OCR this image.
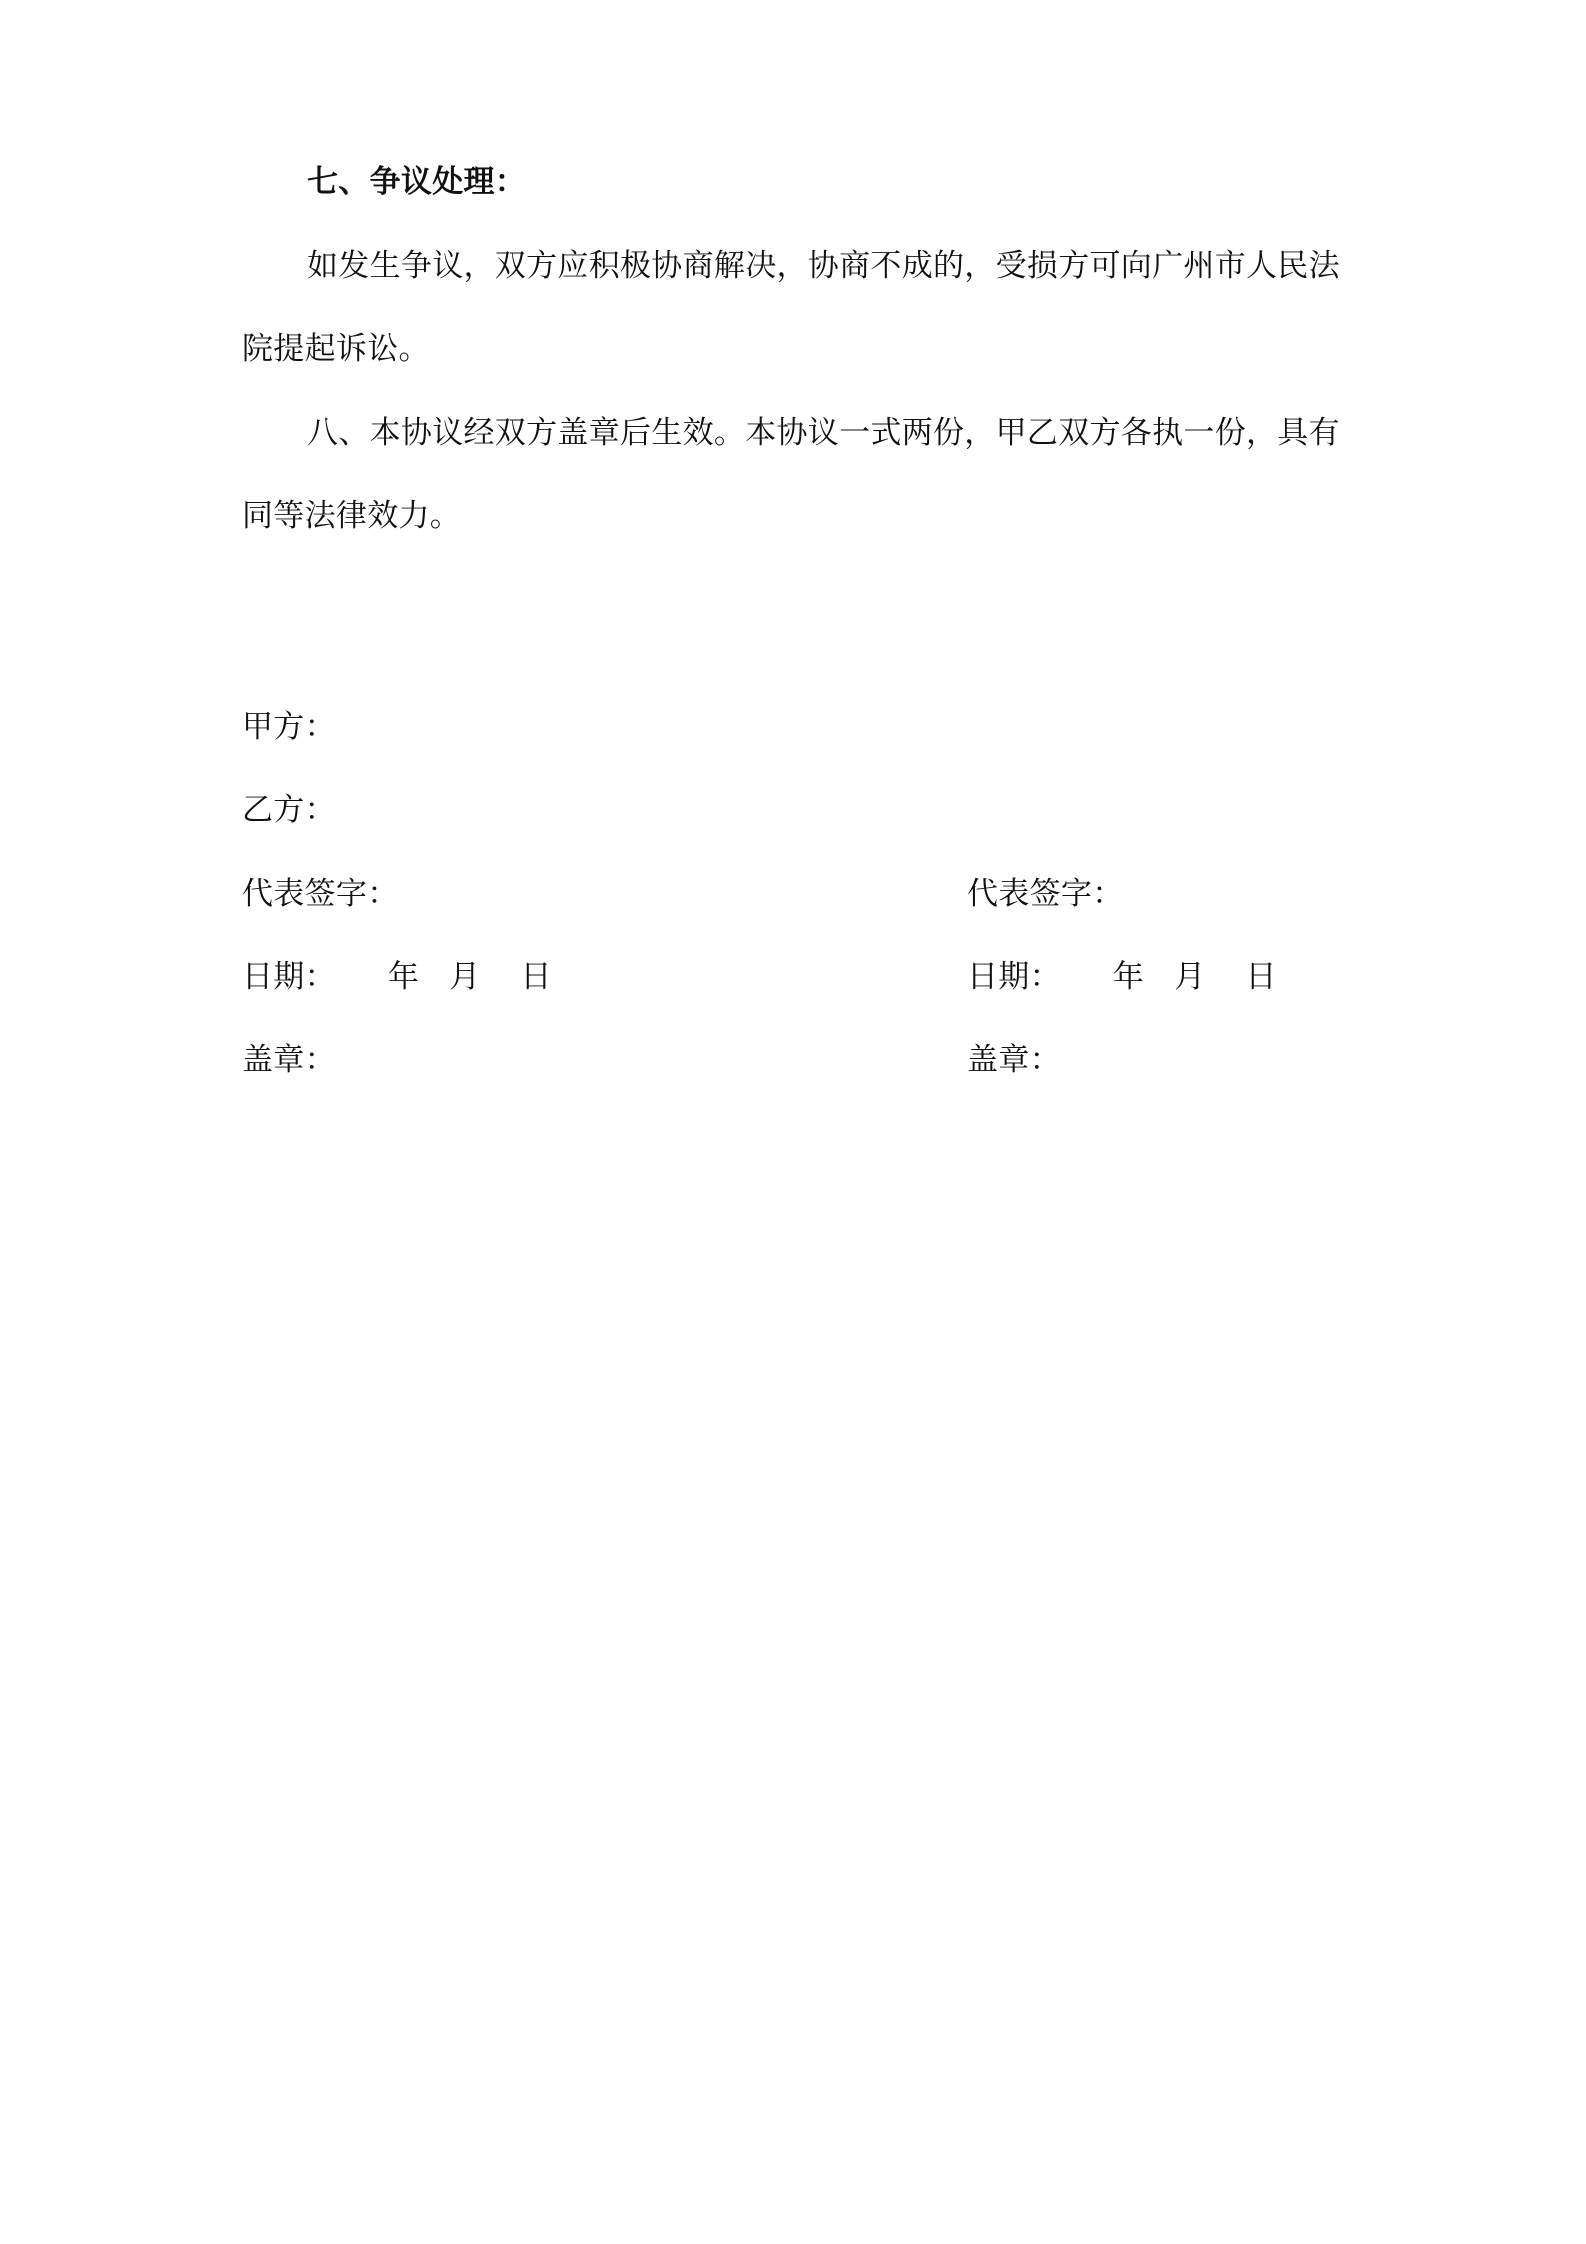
七、争议处理：
如发生争议，双方应积极协商解决，协商不成的，受损方可向广州市人民法
院提起诉讼。
八、本协议经双方盖章后生效。本协议一式两份，甲乙双方各执一份，具有
同等法律效力。
甲方：
乙方：
代表签字：	代表签字：
日期： 年 月 日	日期： 年 月 日
盖章：	盖章：
